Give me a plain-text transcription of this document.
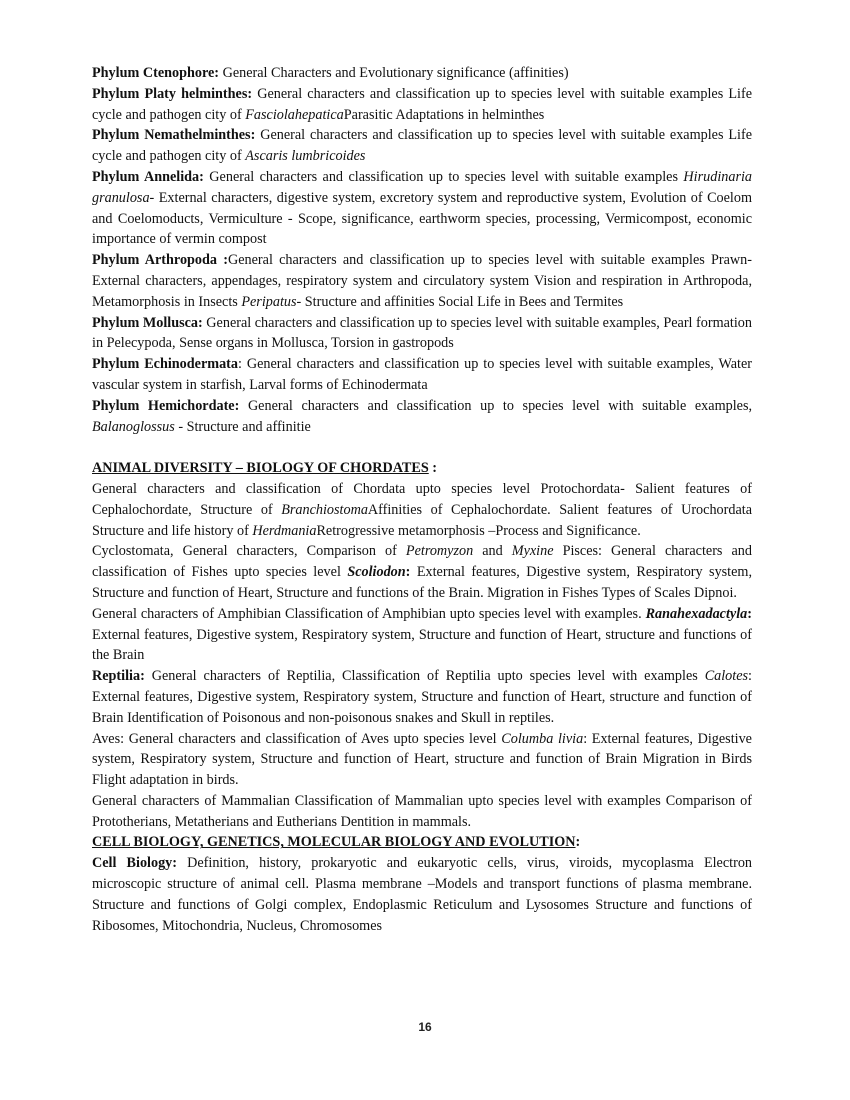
Phylum Ctenophore: General Characters and Evolutionary significance (affinities)

Phylum Platy helminthes: General characters and classification up to species level with suitable examples Life cycle and pathogen city of FasciolahepaticaParasitic Adaptations in helminthes

Phylum Nemathelminthes: General characters and classification up to species level with suitable examples Life cycle and pathogen city of Ascaris lumbricoides

Phylum Annelida: General characters and classification up to species level with suitable examples Hirudinaria granulosa- External characters, digestive system, excretory system and reproductive system, Evolution of Coelom and Coelomoducts, Vermiculture - Scope, significance, earthworm species, processing, Vermicompost, economic importance of vermin compost

Phylum Arthropoda :General characters and classification up to species level with suitable examples Prawn- External characters, appendages, respiratory system and circulatory system Vision and respiration in Arthropoda, Metamorphosis in Insects Peripatus- Structure and affinities Social Life in Bees and Termites

Phylum Mollusca: General characters and classification up to species level with suitable examples, Pearl formation in Pelecypoda, Sense organs in Mollusca, Torsion in gastropods

Phylum Echinodermata: General characters and classification up to species level with suitable examples, Water vascular system in starfish, Larval forms of Echinodermata

Phylum Hemichordate: General characters and classification up to species level with suitable examples, Balanoglossus - Structure and affinitie

ANIMAL DIVERSITY – BIOLOGY OF CHORDATES :

General characters and classification of Chordata upto species level Protochordata- Salient features of Cephalochordate, Structure of BranchiostomaAffinities of Cephalochordate. Salient features of Urochordata Structure and life history of HerdmaniaRetrogressive metamorphosis –Process and Significance.

Cyclostomata, General characters, Comparison of Petromyzon and Myxine Pisces: General characters and classification of Fishes upto species level Scoliodon: External features, Digestive system, Respiratory system, Structure and function of Heart, Structure and functions of the Brain. Migration in Fishes Types of Scales Dipnoi.

General characters of Amphibian Classification of Amphibian upto species level with examples. Ranahexadactyla: External features, Digestive system, Respiratory system, Structure and function of Heart, structure and functions of the Brain

Reptilia: General characters of Reptilia, Classification of Reptilia upto species level with examples Calotes: External features, Digestive system, Respiratory system, Structure and function of Heart, structure and function of Brain Identification of Poisonous and non-poisonous snakes and Skull in reptiles.

Aves: General characters and classification of Aves upto species level Columba livia: External features, Digestive system, Respiratory system, Structure and function of Heart, structure and function of Brain Migration in Birds Flight adaptation in birds.

General characters of Mammalian Classification of Mammalian upto species level with examples Comparison of Prototherians, Metatherians and Eutherians Dentition in mammals.

CELL BIOLOGY, GENETICS, MOLECULAR BIOLOGY AND EVOLUTION:

Cell Biology: Definition, history, prokaryotic and eukaryotic cells, virus, viroids, mycoplasma Electron microscopic structure of animal cell. Plasma membrane –Models and transport functions of plasma membrane. Structure and functions of Golgi complex, Endoplasmic Reticulum and Lysosomes Structure and functions of Ribosomes, Mitochondria, Nucleus, Chromosomes

16
